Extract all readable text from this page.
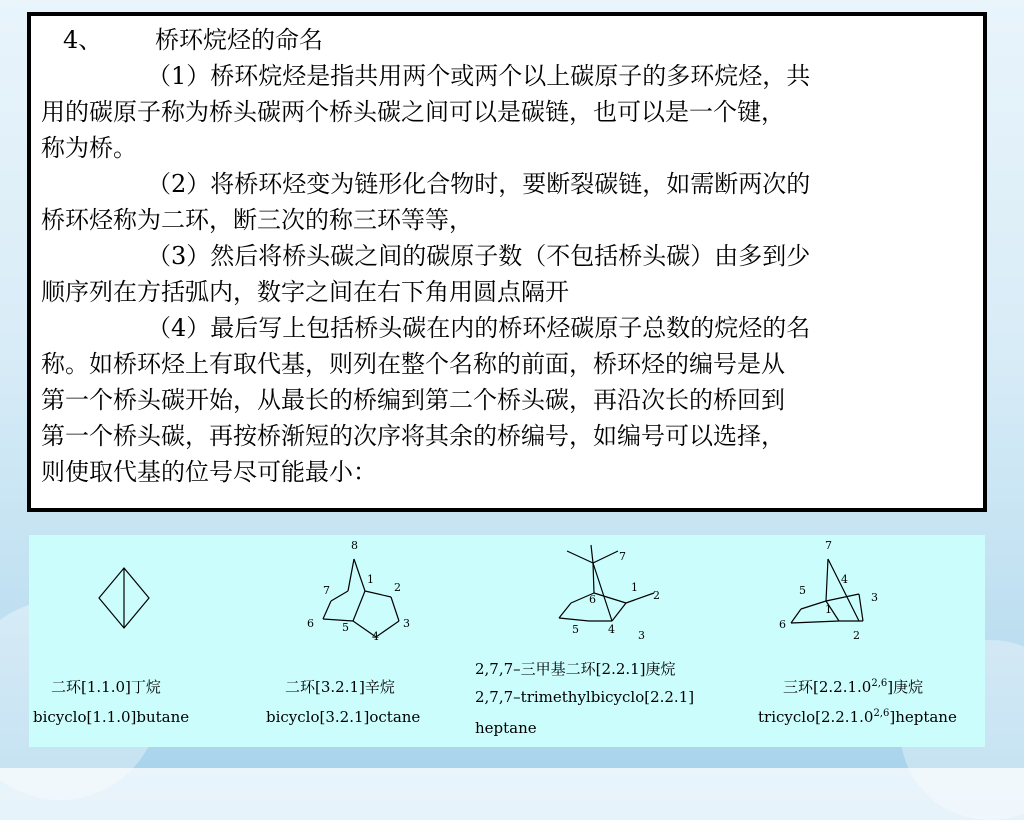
4、 桥环烷烃的命名

（1）桥环烷烃是指共用两个或两个以上碳原子的多环烷烃，共

用的碳原子称为桥头碳两个桥头碳之间可以是碳链，也可以是一个键，

称为桥。

（2）将桥环烃变为链形化合物时，要断裂碳链，如需断两次的

桥环烃称为二环，断三次的称三环等等，

（3）然后将桥头碳之间的碳原子数（不包括桥头碳）由多到少

顺序列在方括弧内，数字之间在右下角用圆点隔开

（4）最后写上包括桥头碳在内的桥环烃碳原子总数的烷烃的名

称。如桥环烃上有取代基，则列在整个名称的前面，桥环烃的编号是从

第一个桥头碳开始，从最长的桥编到第二个桥头碳，再沿次长的桥回到

第一个桥头碳，再按桥渐短的次序将其余的桥编号，如编号可以选择，

则使取代基的位号尽可能最小：

二环[1.1.0]丁烷
bicyclo[1.1.0]butane
8
1
2
3
4
5
6
7
二环[3.2.1]辛烷
bicyclo[3.2.1]octane
7
1
2
3
4
5
6
2,7,7–三甲基二环[2.2.1]庚烷
2,7,7–trimethylbicyclo[2.2.1]
heptane
7
4
3
2
1
5
6
三环[2.2.1.0$^{2,6}$]庚烷
tricyclo[2.2.1.0$^{2,6}$]heptane
